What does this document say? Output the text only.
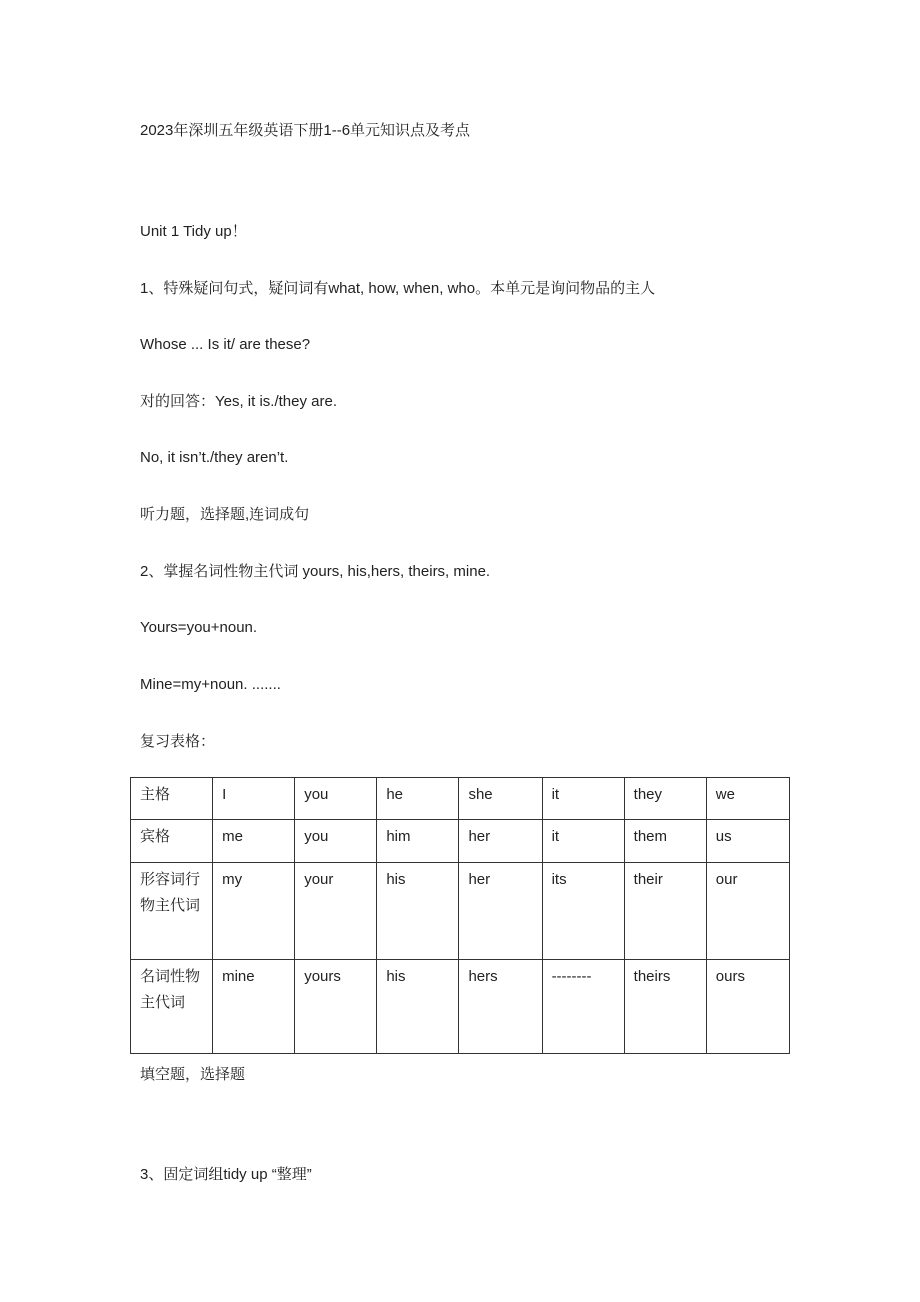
2023年深圳五年级英语下册1--6单元知识点及考点
Unit 1 Tidy up！
1、特殊疑问句式，疑问词有what, how, when, who。本单元是询问物品的主人
Whose ... Is it/ are these?
对的回答：Yes, it is./they are.
No, it isn’t./they aren’t.
听力题，选择题,连词成句
2、掌握名词性物主代词 yours, his,hers, theirs, mine.
Yours=you+noun.
Mine=my+noun. .......
复习表格：
主格	I	you	he	she	it	they	we
宾格	me	you	him	her	it	them	us
形容词行物主代词	my	your	his	her	its	their	our
名词性物主代词	mine	yours	his	hers	--------	theirs	ours
填空题，选择题
3、固定词组tidy up “整理”
